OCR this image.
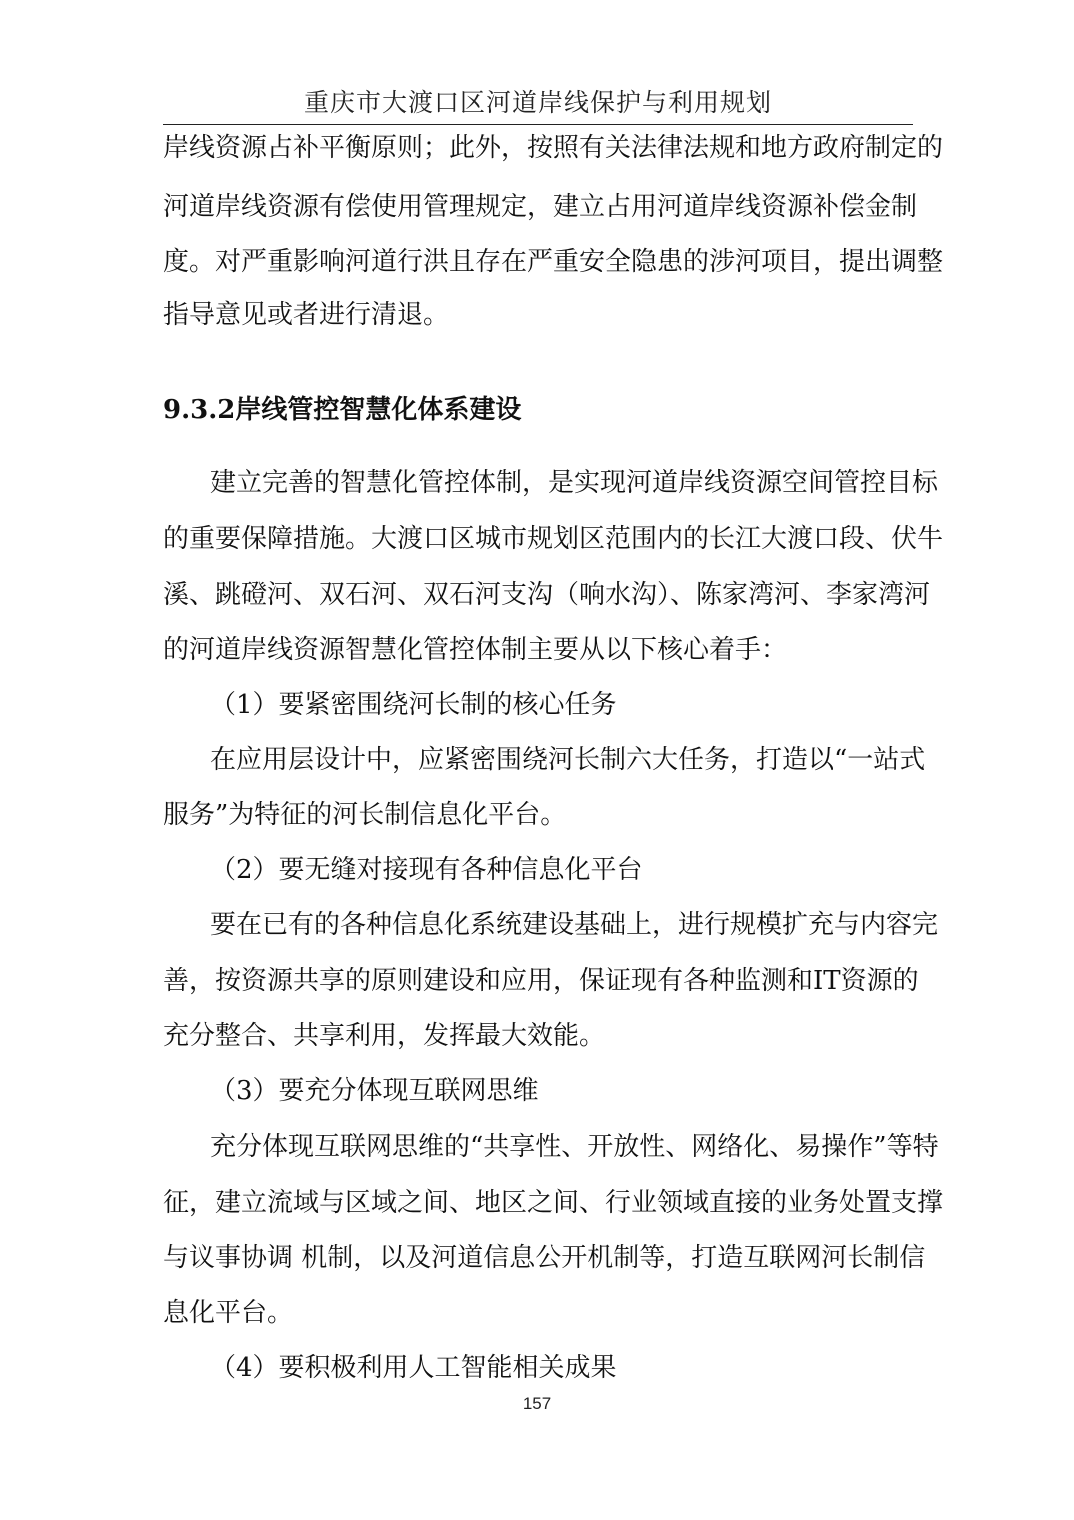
重庆市大渡口区河道岸线保护与利用规划
岸线资源占补平衡原则；此外，按照有关法律法规和地方政府制定的
河道岸线资源有偿使用管理规定，建立占用河道岸线资源补偿金制
度。对严重影响河道行洪且存在严重安全隐患的涉河项目，提出调整
指导意见或者进行清退。
9.3.2岸线管控智慧化体系建设
建立完善的智慧化管控体制，是实现河道岸线资源空间管控目标
的重要保障措施。大渡口区城市规划区范围内的长江大渡口段、伏牛
溪、跳磴河、双石河、双石河支沟（响水沟）、陈家湾河、李家湾河
的河道岸线资源智慧化管控体制主要从以下核心着手：
（1）要紧密围绕河长制的核心任务
在应用层设计中，应紧密围绕河长制六大任务，打造以“一站式
服务”为特征的河长制信息化平台。
（2）要无缝对接现有各种信息化平台
要在已有的各种信息化系统建设基础上，进行规模扩充与内容完
善，按资源共享的原则建设和应用，保证现有各种监测和IT资源的
充分整合、共享利用，发挥最大效能。
（3）要充分体现互联网思维
充分体现互联网思维的“共享性、开放性、网络化、易操作”等特
征，建立流域与区域之间、地区之间、行业领域直接的业务处置支撑
与议事协调 机制，以及河道信息公开机制等，打造互联网河长制信
息化平台。
（4）要积极利用人工智能相关成果
157
